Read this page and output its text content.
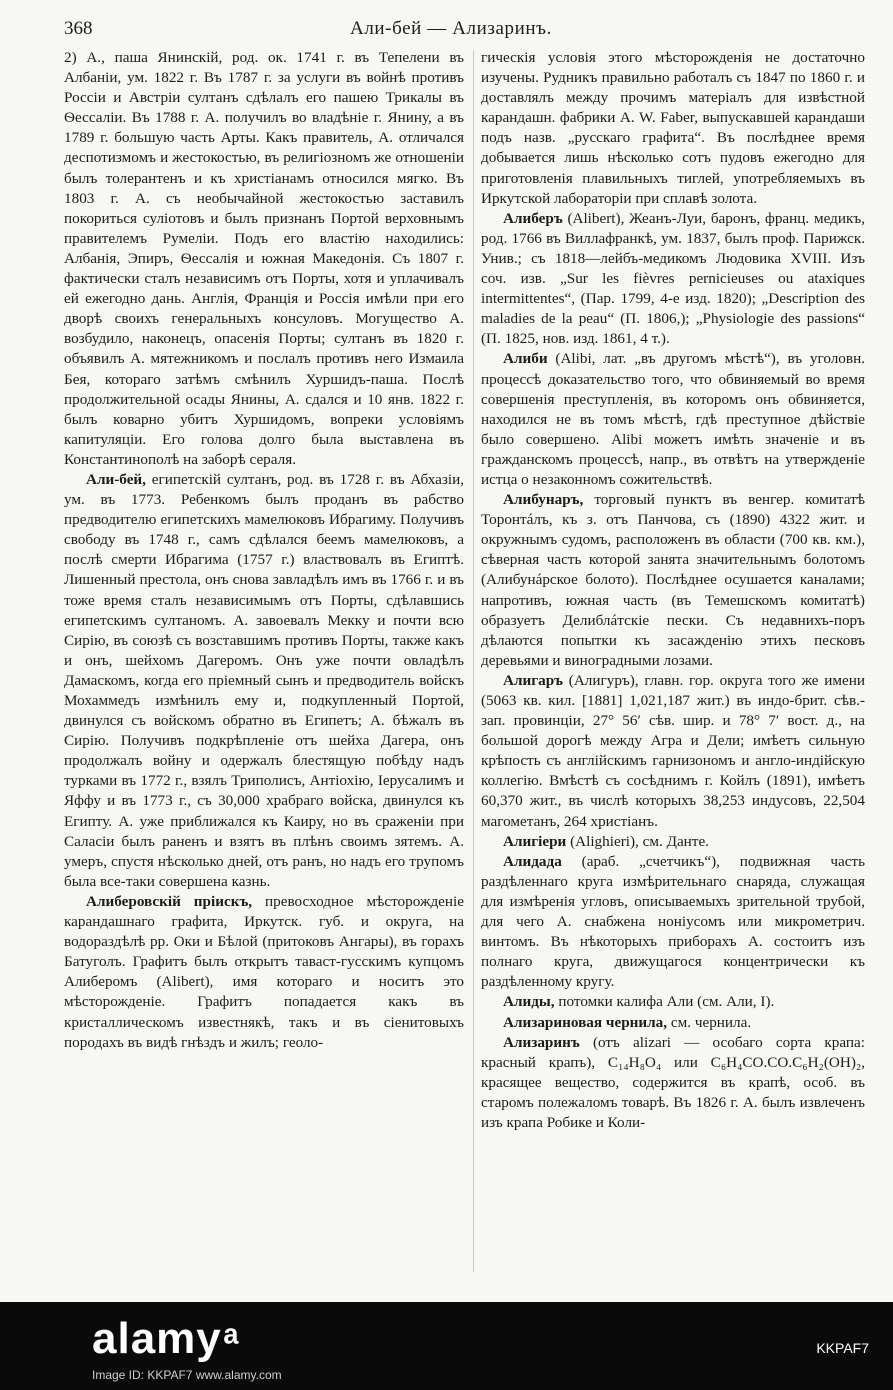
368	Али-бей — Ализаринъ.

2) А., паша Янинскій, род. ок. 1741 г. въ Тепелени въ Албаніи, ум. 1822 г. Въ 1787 г. за услуги въ войнѣ противъ Россіи и Австріи султанъ сдѣлалъ его пашею Трикалы въ Ѳессаліи. Въ 1788 г. А. получилъ во владѣніе г. Янину, а въ 1789 г. большую часть Арты. Какъ правитель, А. отличался деспотизмомъ и жестокостью, въ религіозномъ же отношеніи былъ толерантенъ и къ христіанамъ относился мягко. Въ 1803 г. А. съ необычайной жестокостью заставилъ покориться суліотовъ и былъ признанъ Портой верховнымъ правителемъ Румеліи. Подъ его властію находились: Албанія, Эпиръ, Ѳессалія и южная Македонія. Съ 1807 г. фактически сталъ независимъ отъ Порты, хотя и уплачивалъ ей ежегодно дань. Англія, Франція и Россія имѣли при его дворѣ своихъ генеральныхъ консуловъ. Могущество А. возбудило, наконецъ, опасенія Порты; султанъ въ 1820 г. объявилъ А. мятежникомъ и послалъ противъ него Измаила Бея, котораго затѣмъ смѣнилъ Хуршидъ-паша. Послѣ продолжительной осады Янины, А. сдался и 10 янв. 1822 г. былъ коварно убитъ Хуршидомъ, вопреки условіямъ капитуляціи. Его голова долго была выставлена въ Константинополѣ на заборѣ сераля.

Али-бей, египетскій султанъ, род. въ 1728 г. въ Абхазіи, ум. въ 1773. Ребенкомъ былъ проданъ въ рабство предводителю египетскихъ мамелюковъ Ибрагиму. Получивъ свободу въ 1748 г., самъ сдѣлался беемъ мамелюковъ, а послѣ смерти Ибрагима (1757 г.) властвовалъ въ Египтѣ. Лишенный престола, онъ снова завладѣлъ имъ въ 1766 г. и въ тоже время сталъ независимымъ отъ Порты, сдѣлавшись египетскимъ султаномъ. А. завоевалъ Мекку и почти всю Сирію, въ союзѣ съ возставшимъ противъ Порты, также какъ и онъ, шейхомъ Дагеромъ. Онъ уже почти овладѣлъ Дамаскомъ, когда его пріемный сынъ и предводитель войскъ Мохаммедъ измѣнилъ ему и, подкупленный Портой, двинулся съ войскомъ обратно въ Египетъ; А. бѣжалъ въ Сирію. Получивъ подкрѣпленіе отъ шейха Дагера, онъ продолжалъ войну и одержалъ блестящую побѣду надъ турками въ 1772 г., взялъ Триполисъ, Антіохію, Іерусалимъ и Яффу и въ 1773 г., съ 30,000 храбраго войска, двинулся къ Египту. А. уже приближался къ Каиру, но въ сраженіи при Саласіи былъ раненъ и взятъ въ плѣнъ своимъ зятемъ. А. умеръ, спустя нѣсколько дней, отъ ранъ, но надъ его трупомъ была все-таки совершена казнь.

Алиберовскій пріискъ, превосходное мѣсторожденіе карандашнаго графита, Иркутск. губ. и округа, на водораздѣлѣ рр. Оки и Бѣлой (притоковъ Ангары), въ горахъ Батуголъ. Графитъ былъ открытъ таваст-гусскимъ купцомъ Алиберомъ (Alibert), имя котораго и носитъ это мѣсторожденіе. Графитъ попадается какъ въ кристаллическомъ известнякѣ, такъ и въ сіенитовыхъ породахъ въ видѣ гнѣздъ и жилъ; геоло-

гическія условія этого мѣсторожденія не достаточно изучены. Рудникъ правильно работалъ съ 1847 по 1860 г. и доставлялъ между прочимъ матеріалъ для извѣстной карандашн. фабрики А. W. Faber, выпускавшей карандаши подъ назв. „русскаго графита“. Въ послѣднее время добывается лишь нѣсколько сотъ пудовъ ежегодно для приготовленія плавильныхъ тиглей, употребляемыхъ въ Иркутской лабораторіи при сплавѣ золота.

Алиберъ (Alibert), Жеанъ-Луи, баронъ, франц. медикъ, род. 1766 въ Виллафранкѣ, ум. 1837, былъ проф. Парижск. Унив.; съ 1818—лейбъ-медикомъ Людовика XVIII. Изъ соч. изв. „Sur les fièvres pernicieuses ou ataxiques intermittentes“, (Пар. 1799, 4-е изд. 1820); „Description des maladies de la peau“ (П. 1806,); „Physiologie des passions“ (П. 1825, нов. изд. 1861, 4 т.).

Алиби (Alibi, лат. „въ другомъ мѣстѣ“), въ уголовн. процессѣ доказательство того, что обвиняемый во время совершенія преступленія, въ которомъ онъ обвиняется, находился не въ томъ мѣстѣ, гдѣ преступное дѣйствіе было совершено. Alibi можетъ имѣть значеніе и въ гражданскомъ процессѣ, напр., въ отвѣтъ на утвержденіе истца о незаконномъ сожительствѣ.

Алибунаръ, торговый пунктъ въ венгер. комитатѣ Торонтáлъ, къ з. отъ Панчова, съ (1890) 4322 жит. и окружнымъ судомъ, расположенъ въ области (700 кв. км.), сѣверная часть которой занята значительнымъ болотомъ (Алибунáрское болото). Послѣднее осушается каналами; напротивъ, южная часть (въ Темешскомъ комитатѣ) образуетъ Делиблáтскіе пески. Съ недавнихъ-поръ дѣлаются попытки къ засажденію этихъ песковъ деревьями и виноградными лозами.

Алигаръ (Алигуръ), главн. гор. округа того же имени (5063 кв. кил. [1881] 1,021,187 жит.) въ индо-брит. сѣв.-зап. провинціи, 27° 56′ сѣв. шир. и 78° 7′ вост. д., на большой дорогѣ между Агра и Дели; имѣетъ сильную крѣпость съ англійскимъ гарнизономъ и англо-индійскую коллегію. Вмѣстѣ съ сосѣднимъ г. Койлъ (1891), имѣетъ 60,370 жит., въ числѣ которыхъ 38,253 индусовъ, 22,504 магометанъ, 264 христіанъ.

Алигіери (Alighieri), см. Данте.

Алидада (араб. „счетчикъ“), подвижная часть раздѣленнаго круга измѣрительнаго снаряда, служащая для измѣренія угловъ, описываемыхъ зрительной трубой, для чего А. снабжена ноніусомъ или микрометрич. винтомъ. Въ нѣкоторыхъ приборахъ А. состоитъ изъ полнаго круга, движущагося концентрически къ раздѣленному кругу.

Алиды, потомки калифа Али (см. Али, I).

Ализариновая чернила, см. чернила.

Ализаринъ (отъ alizari — особаго сорта крапа: красный крапъ), C₁₄H₈O₄ или C₆H₄CO.CO.C₆H₂(OH)₂, красящее вещество, содержится въ крапѣ, особ. въ старомъ полежаломъ товарѣ. Въ 1826 г. А. былъ извлеченъ изъ крапа Робике и Коли-

alamyᵃ
Image ID: KKPAF7 www.alamy.com
KKPAF7
